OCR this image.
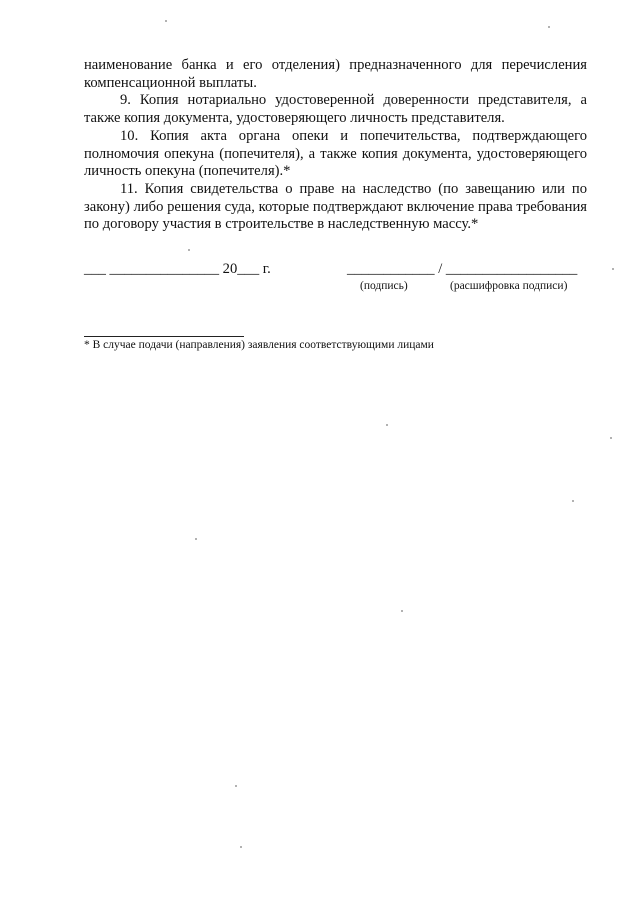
наименование банка и его отделения) предназначенного для перечисления компенсационной выплаты.

9. Копия нотариально удостоверенной доверенности представителя, а также копия документа, удостоверяющего личность представителя.

10. Копия акта органа опеки и попечительства, подтверждающего полномочия опекуна (попечителя), а также копия документа, удостоверяющего личность опекуна (попечителя).*

11. Копия свидетельства о праве на наследство (по завещанию или по закону) либо решения суда, которые подтверждают включение права требования по договору участия в строительстве в наследственную массу.*

___ _______________ 20___ г.	____________ / __________________
(подпись)	(расшифровка подписи)
* В случае подачи (направления) заявления соответствующими лицами
